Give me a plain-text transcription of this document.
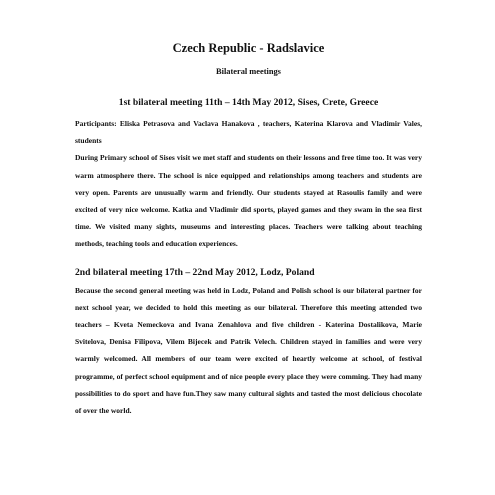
Czech Republic - Radslavice
Bilateral meetings
1st bilateral meeting 11th – 14th May 2012, Sises, Crete, Greece

Participants: Eliska Petrasova and Vaclava Hanakova , teachers, Katerina Klarova and Vladimir Vales, students

During Primary school of Sises visit we met staff and students on their lessons and free time too. It was very warm atmosphere there. The school is nice equipped and relationships among teachers and students are very open. Parents are unusually warm and friendly. Our students stayed at Rasoulis family and were excited of very nice welcome. Katka and Vladimir did sports, played games and they swam in the sea first time. We visited many sights, museums and interesting places. Teachers were talking about teaching methods, teaching tools and education experiences.

2nd bilateral meeting 17th – 22nd May 2012, Lodz, Poland

Because the second general meeting was held in Lodz, Poland and Polish school is our bilateral partner for next school year, we decided to hold this meeting as our bilateral. Therefore this meeting attended two teachers – Kveta Nemeckova and Ivana Zenahlova and five children - Katerina Dostalikova, Marie Svitelova, Denisa Filipova, Vilem Bijecek and Patrik Velech. Children stayed in families and were very warmly welcomed. All members of our team were excited of heartly welcome at school, of festival programme, of perfect school equipment and of nice people every place they were comming. They had many possibilities to do sport and have fun.They saw many cultural sights and tasted the most delicious chocolate of over the world.
